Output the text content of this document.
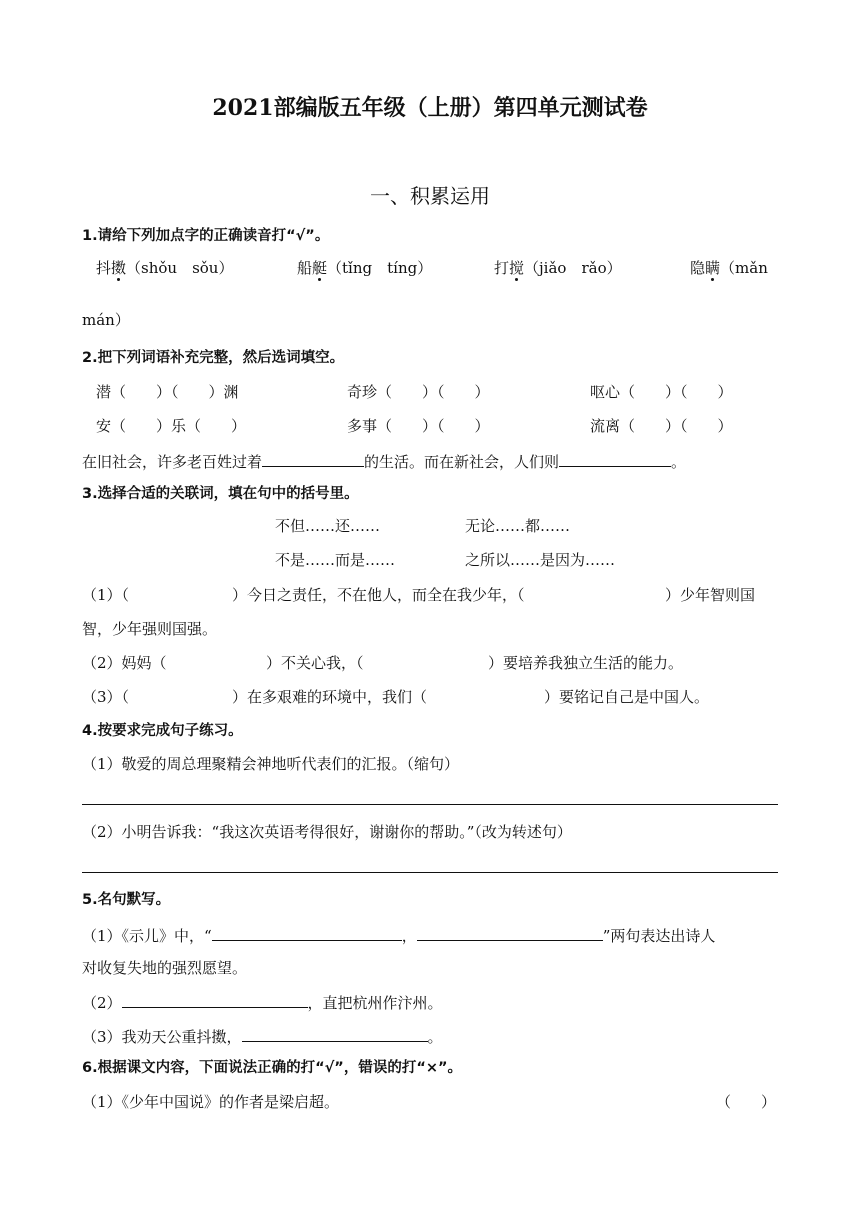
2021部编版五年级（上册）第四单元测试卷
一、积累运用
1.请给下列加点字的正确读音打“√”。
抖擞（shǒu　sǒu）	船艇（tǐng　tíng）	打搅（jiǎo　rǎo）	隐瞒（mǎn
mán）
2.把下列词语补充完整，然后选词填空。
潜（　　）（　　）渊	奇珍（　　）（　　）	呕心（　　）（　　）
安（　　）乐（　　）	多事（　　）（　　）	流离（　　）（　　）
在旧社会，许多老百姓过着	的生活。而在新社会，人们则	。
3.选择合适的关联词，填在句中的括号里。
不但……还……	无论……都……
不是……而是……	之所以……是因为……
（1）（	）今日之责任，不在他人，而全在我少年，（	）少年智则国
智，少年强则国强。
（2）妈妈（	）不关心我，（	）要培养我独立生活的能力。
（3）（	）在多艰难的环境中，我们（	）要铭记自己是中国人。
4.按要求完成句子练习。
（1）敬爱的周总理聚精会神地听代表们的汇报。（缩句）
（2）小明告诉我：“我这次英语考得很好，谢谢你的帮助。”（改为转述句）
5.名句默写。
（1）《示儿》中，“	，	”两句表达出诗人
对收复失地的强烈愿望。
（2）	，直把杭州作汴州。
（3）我劝天公重抖擞，	。
6.根据课文内容，下面说法正确的打“√”，错误的打“×”。
（1）《少年中国说》的作者是梁启超。	（　　）
